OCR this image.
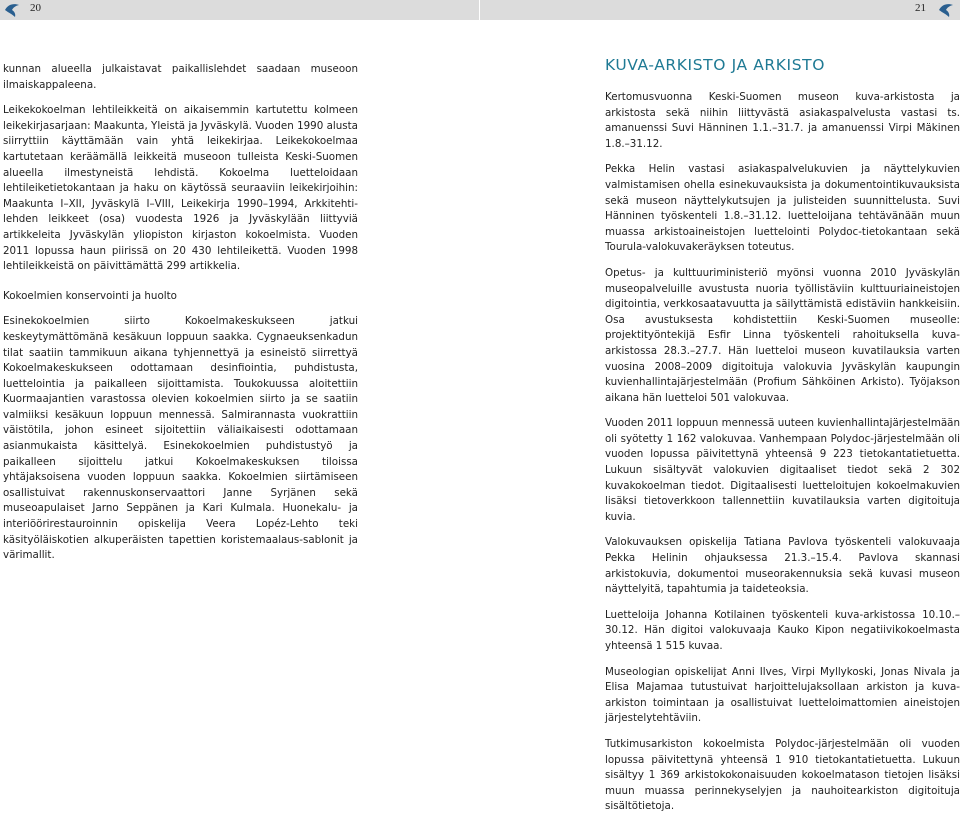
20	21

kunnan alueella julkaistavat paikallislehdet saadaan museoon ilmaiskappaleena.

Leikekokoelman lehtileikkeitä on aikaisemmin kartutettu kolmeen leikekirjasarjaan: Maakunta, Yleistä ja Jyväskylä. Vuoden 1990 alusta siirryttiin käyttämään vain yhtä leikekirjaa. Leikekokoelmaa kartutetaan keräämällä leikkeitä museoon tulleista Keski-Suomen alueella ilmestyneistä lehdistä. Kokoelma luetteloidaan lehtileiketietokantaan ja haku on käytössä seuraaviin leikekirjoihin: Maakunta I–XII, Jyväskylä I–VIII, Leikekirja 1990–1994, Arkkitehti-lehden leikkeet (osa) vuodesta 1926 ja Jyväskylään liittyviä artikkeleita Jyväskylän yliopiston kirjaston kokoelmista. Vuoden 2011 lopussa haun piirissä on 20 430 lehtileikettä. Vuoden 1998 lehtileikkeistä on päivittämättä 299 artikkelia.

Kokoelmien konservointi ja huolto

Esinekokoelmien siirto Kokoelmakeskukseen jatkui keskeytymättömänä kesäkuun loppuun saakka. Cygnaeuksenkadun tilat saatiin tammikuun aikana tyhjennettyä ja esineistö siirrettyä Kokoelmakeskukseen odottamaan desinfiointia, puhdistusta, luettelointia ja paikalleen sijoittamista. Toukokuussa aloitettiin Kuormaajantien varastossa olevien kokoelmien siirto ja se saatiin valmiiksi kesäkuun loppuun mennessä. Salmirannasta vuokrattiin väistötila, johon esineet sijoitettiin väliaikaisesti odottamaan asianmukaista käsittelyä. Esinekokoelmien puhdistustyö ja paikalleen sijoittelu jatkui Kokoelmakeskuksen tiloissa yhtäjaksoisena vuoden loppuun saakka. Kokoelmien siirtämiseen osallistuivat rakennuskonservaattori Janne Syrjänen sekä museoapulaiset Jarno Seppänen ja Kari Kulmala. Huonekalu- ja interiöörirestauroinnin opiskelija Veera Lopéz-Lehto teki käsityöläiskotien alkuperäisten tapettien koristemaalaus-sablonit ja värimallit.

KUVA-ARKISTO JA ARKISTO

Kertomusvuonna Keski-Suomen museon kuva-arkistosta ja arkistosta sekä niihin liittyvästä asiakaspalvelusta vastasi ts. amanuenssi Suvi Hänninen 1.1.–31.7. ja amanuenssi Virpi Mäkinen 1.8.–31.12.

Pekka Helin vastasi asiakaspalvelukuvien ja näyttelykuvien valmistamisen ohella esinekuvauksista ja dokumentointikuvauksista sekä museon näyttelykutsujen ja julisteiden suunnittelusta. Suvi Hänninen työskenteli 1.8.–31.12. luetteloijana tehtävänään muun muassa arkistoaineistojen luettelointi Polydoc-tietokantaan sekä Tourula-valokuvakeräyksen toteutus.

Opetus- ja kulttuuriministeriö myönsi vuonna 2010 Jyväskylän museopalveluille avustusta nuoria työllistäviin kulttuuriaineistojen digitointia, verkkosaatavuutta ja säilyttämistä edistäviin hankkeisiin. Osa avustuksesta kohdistettiin Keski-Suomen museolle: projektityöntekijä Esfir Linna työskenteli rahoituksella kuva-arkistossa 28.3.–27.7. Hän luetteloi museon kuvatilauksia varten vuosina 2008–2009 digitoituja valokuvia Jyväskylän kaupungin kuvienhallintajärjestelmään (Profium Sähköinen Arkisto). Työjakson aikana hän luetteloi 501 valokuvaa.

Vuoden 2011 loppuun mennessä uuteen kuvienhallintajärjestelmään oli syötetty 1 162 valokuvaa. Vanhempaan Polydoc-järjestelmään oli vuoden lopussa päivitettynä yhteensä 9 223 tietokantatietuetta. Lukuun sisältyvät valokuvien digitaaliset tiedot sekä 2 302 kuvakokoelman tiedot. Digitaalisesti luetteloitujen kokoelmakuvien lisäksi tietoverkkoon tallennettiin kuvatilauksia varten digitoituja kuvia.

Valokuvauksen opiskelija Tatiana Pavlova työskenteli valokuvaaja Pekka Helinin ohjauksessa 21.3.–15.4. Pavlova skannasi arkistokuvia, dokumentoi museorakennuksia sekä kuvasi museon näyttelyitä, tapahtumia ja taideteoksia.

Luetteloija Johanna Kotilainen työskenteli kuva-arkistossa 10.10.–30.12. Hän digitoi valokuvaaja Kauko Kipon negatiivikokoelmasta yhteensä 1 515 kuvaa.

Museologian opiskelijat Anni Ilves, Virpi Myllykoski, Jonas Nivala ja Elisa Majamaa tutustuivat harjoittelujaksollaan arkiston ja kuva-arkiston toimintaan ja osallistuivat luetteloimattomien aineistojen järjestelytehtäviin.

Tutkimusarkiston kokoelmista Polydoc-järjestelmään oli vuoden lopussa päivitettynä yhteensä 1 910 tietokantatietuetta. Lukuun sisältyy 1 369 arkistokokonaisuuden kokoelmatason tietojen lisäksi muun muassa perinnekyselyjen ja nauhoitearkiston digitoituja sisältötietoja.
